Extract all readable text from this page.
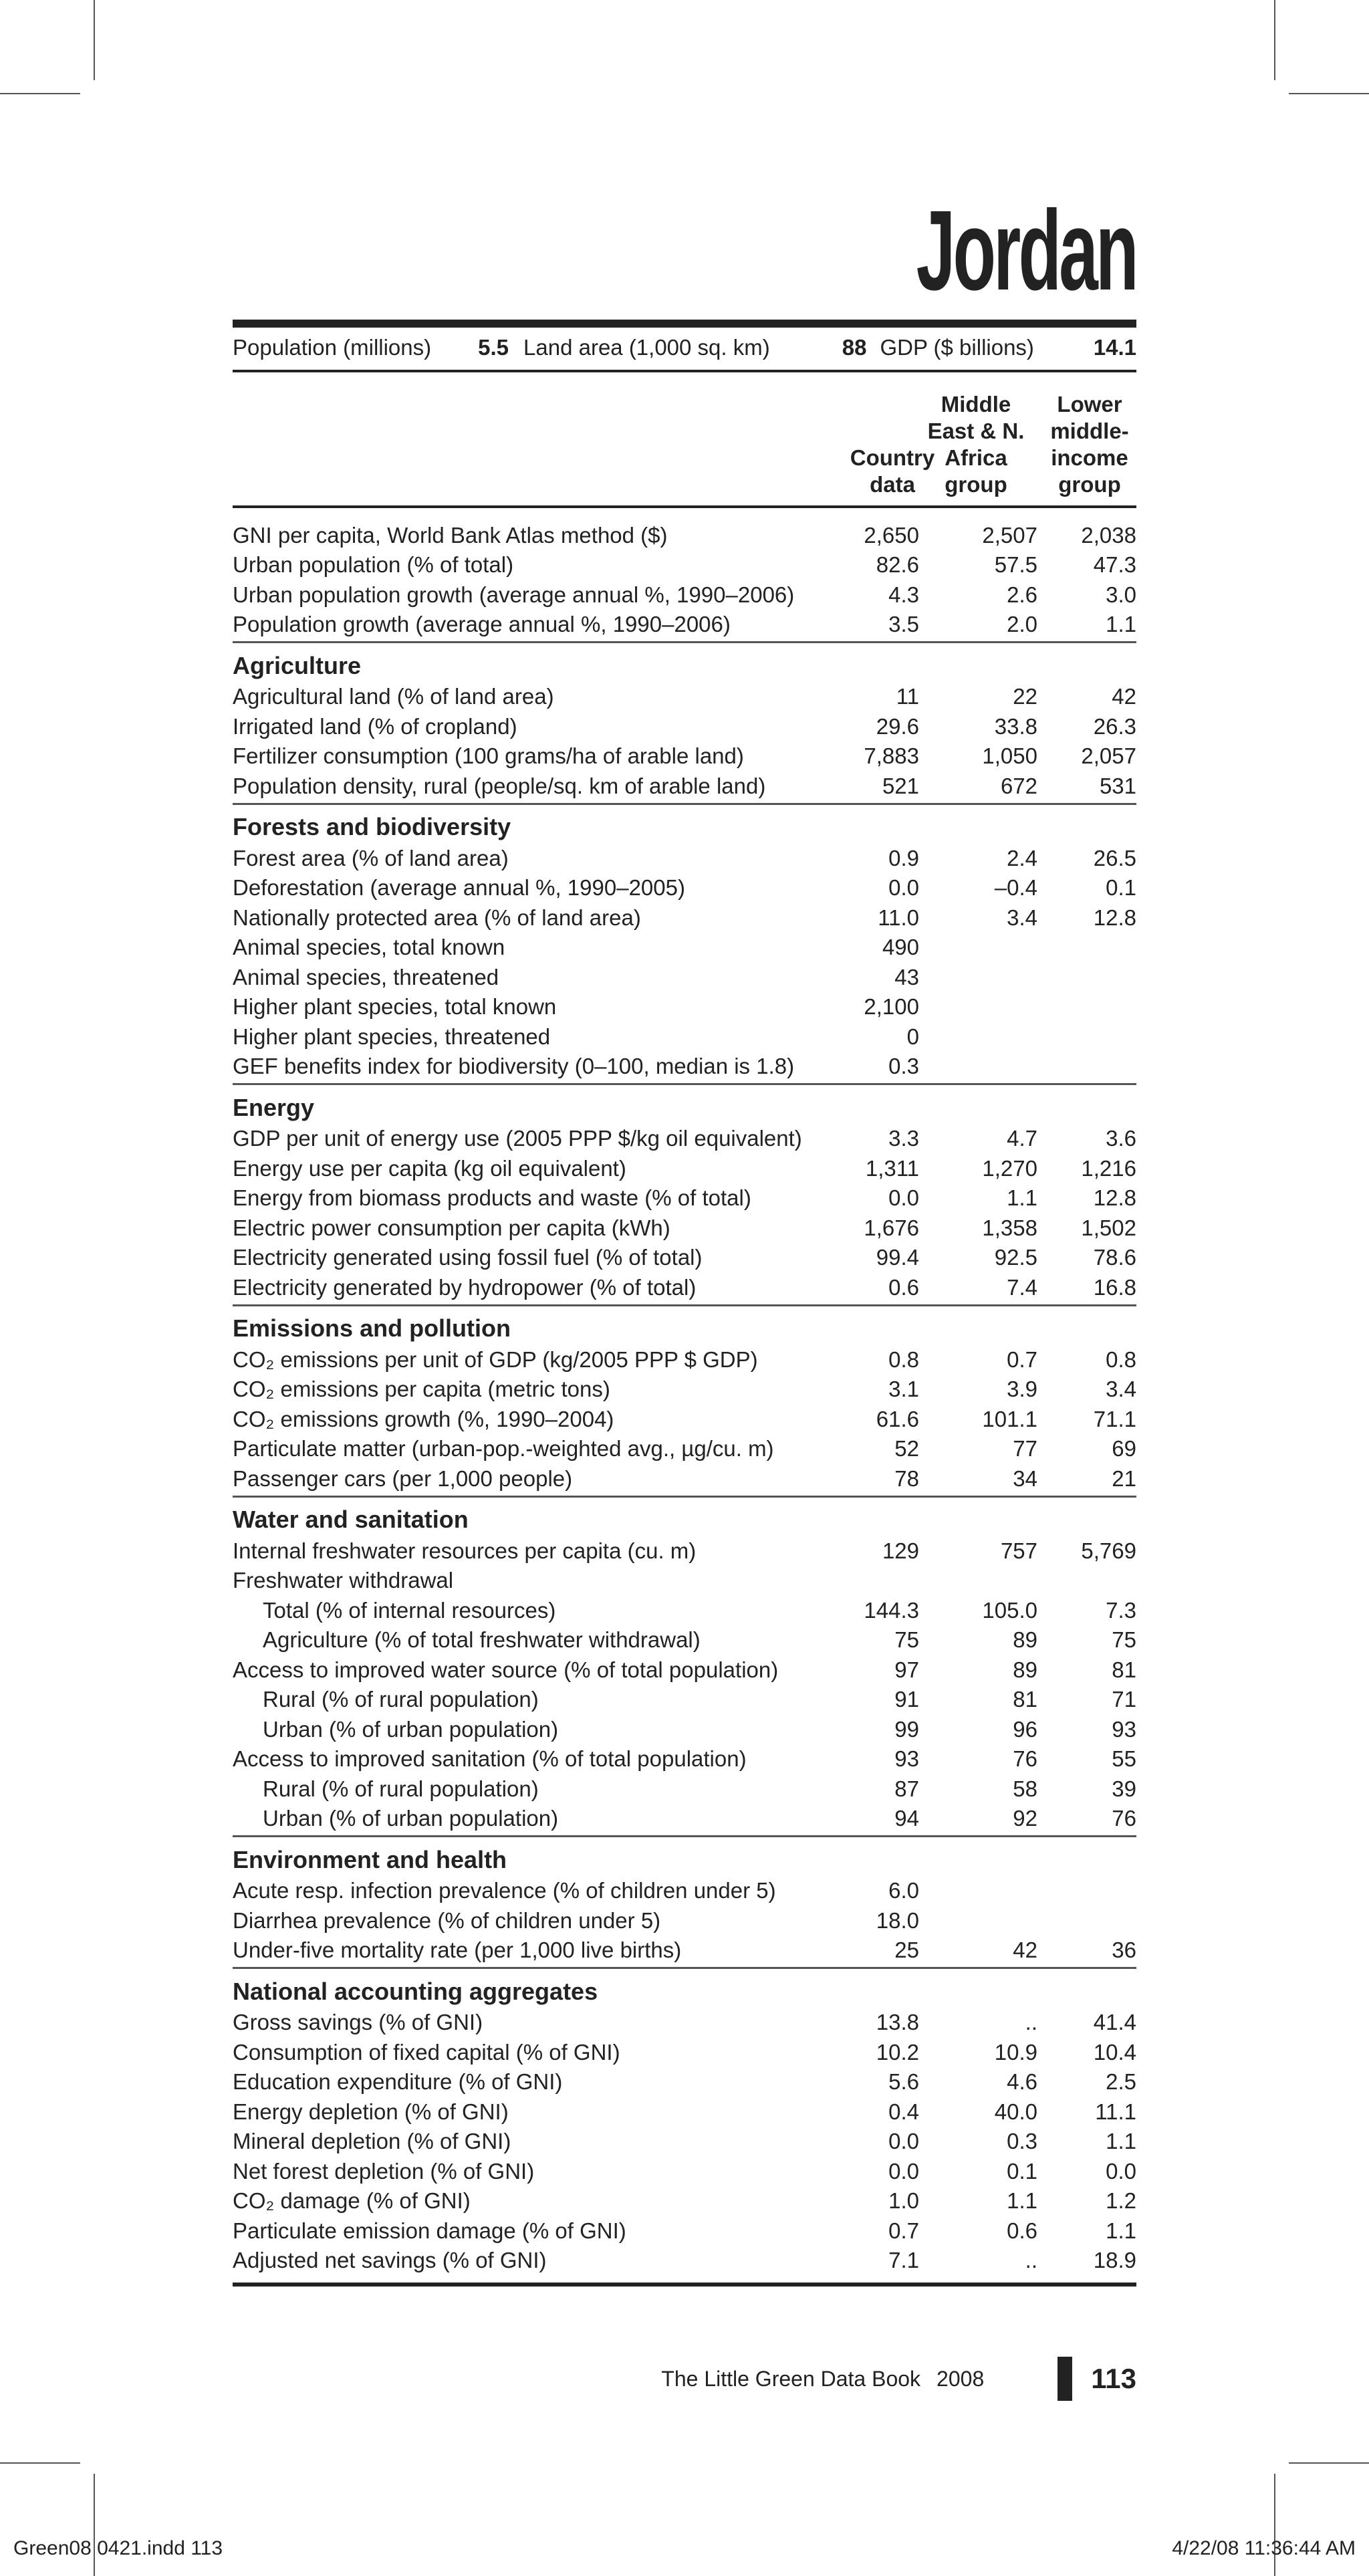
Jordan
Population (millions) 5.5 Land area (1,000 sq. km)	88 GDP ($ billions)	14.1
Country data
Middle East & N. Africa group
Lower middle-income group
GNI per capita, World Bank Atlas method ($)	2,650	2,507 2,038
Urban population (% of total)	82.6	57.5	47.3
Urban population growth (average annual %, 1990–2006)	4.3	2.6	3.0
Population growth (average annual %, 1990–2006)	3.5	2.0	1.1
Agriculture
Agricultural land (% of land area)	11	22	42
Irrigated land (% of cropland)	29.6	33.8	26.3
Fertilizer consumption (100 grams/ha of arable land)	7,883	1,050 2,057
Population density, rural (people/sq. km of arable land)	521	672	531
Forests and biodiversity
Forest area (% of land area)	0.9	2.4	26.5
Deforestation (average annual %, 1990–2005)	0.0	–0.4	0.1
Nationally protected area (% of land area)	11.0	3.4	12.8
Animal species, total known	490
Animal species, threatened	43
Higher plant species, total known	2,100
Higher plant species, threatened	0
GEF benefits index for biodiversity (0–100, median is 1.8)	0.3
Energy
GDP per unit of energy use (2005 PPP $/kg oil equivalent)	3.3	4.7	3.6
Energy use per capita (kg oil equivalent)	1,311	1,270 1,216
Energy from biomass products and waste (% of total)	0.0	1.1	12.8
Electric power consumption per capita (kWh)	1,676	1,358 1,502
Electricity generated using fossil fuel (% of total)	99.4	92.5	78.6
Electricity generated by hydropower (% of total)	0.6	7.4	16.8
Emissions and pollution
CO₂ emissions per unit of GDP (kg/2005 PPP $ GDP)	0.8	0.7	0.8
CO₂ emissions per capita (metric tons)	3.1	3.9	3.4
CO₂ emissions growth (%, 1990–2004)	61.6	101.1	71.1
Particulate matter (urban-pop.-weighted avg., µg/cu. m)	52	77	69
Passenger cars (per 1,000 people)	78	34	21
Water and sanitation
Internal freshwater resources per capita (cu. m)	129	757 5,769
Freshwater withdrawal
Total (% of internal resources)	144.3	105.0	7.3
Agriculture (% of total freshwater withdrawal)	75	89	75
Access to improved water source (% of total population)	97	89	81
Rural (% of rural population)	91	81	71
Urban (% of urban population)	99	96	93
Access to improved sanitation (% of total population)	93	76	55
Rural (% of rural population)	87	58	39
Urban (% of urban population)	94	92	76
Environment and health
Acute resp. infection prevalence (% of children under 5)	6.0
Diarrhea prevalence (% of children under 5)	18.0
Under-five mortality rate (per 1,000 live births)	25	42	36
National accounting aggregates
Gross savings (% of GNI)	13.8	..	41.4
Consumption of fixed capital (% of GNI)	10.2	10.9	10.4
Education expenditure (% of GNI)	5.6	4.6	2.5
Energy depletion (% of GNI)	0.4	40.0	11.1
Mineral depletion (% of GNI)	0.0	0.3	1.1
Net forest depletion (% of GNI)	0.0	0.1	0.0
CO₂ damage (% of GNI)	1.0	1.1	1.2
Particulate emission damage (% of GNI)	0.7	0.6	1.1
Adjusted net savings (% of GNI)	7.1	..	18.9
The Little Green Data Book 2008	113
Green08 0421.indd 113	4/22/08 11:36:44 AM
